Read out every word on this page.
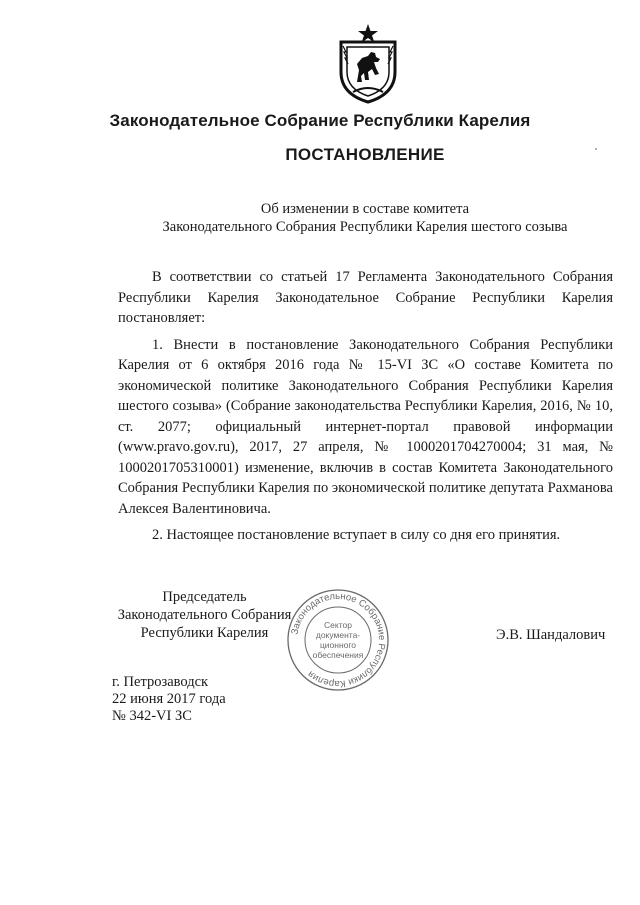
Законодательное Собрание Республики Карелия
ПОСТАНОВЛЕНИЕ
Об изменении в составе комитета
Законодательного Собрания Республики Карелия шестого созыва

В соответствии со статьей 17 Регламента Законодательного Собрания Республики Карелия Законодательное Собрание Республики Карелия постановляет:

1. Внести в постановление Законодательного Собрания Республики Карелия от 6 октября 2016 года № 15-VI ЗС «О составе Комитета по экономической политике Законодательного Собрания Республики Карелия шестого созыва» (Собрание законодательства Республики Карелия, 2016, № 10, ст. 2077; официальный интернет-портал правовой информации (www.pravo.gov.ru), 2017, 27 апреля, № 1000201704270004; 31 мая, № 1000201705310001) изменение, включив в состав Комитета Законодательного Собрания Республики Карелия по экономической политике депутата Рахманова Алексея Валентиновича.

2. Настоящее постановление вступает в силу со дня его принятия.

Председатель
Законодательного Собрания
Республики Карелия	Законодательное Собрание Республики Карелия
Сектор
документа-
ционного
обеспечения
Э.В. Шандалович
г. Петрозаводск
22 июня 2017 года
№ 342-VI ЗС
